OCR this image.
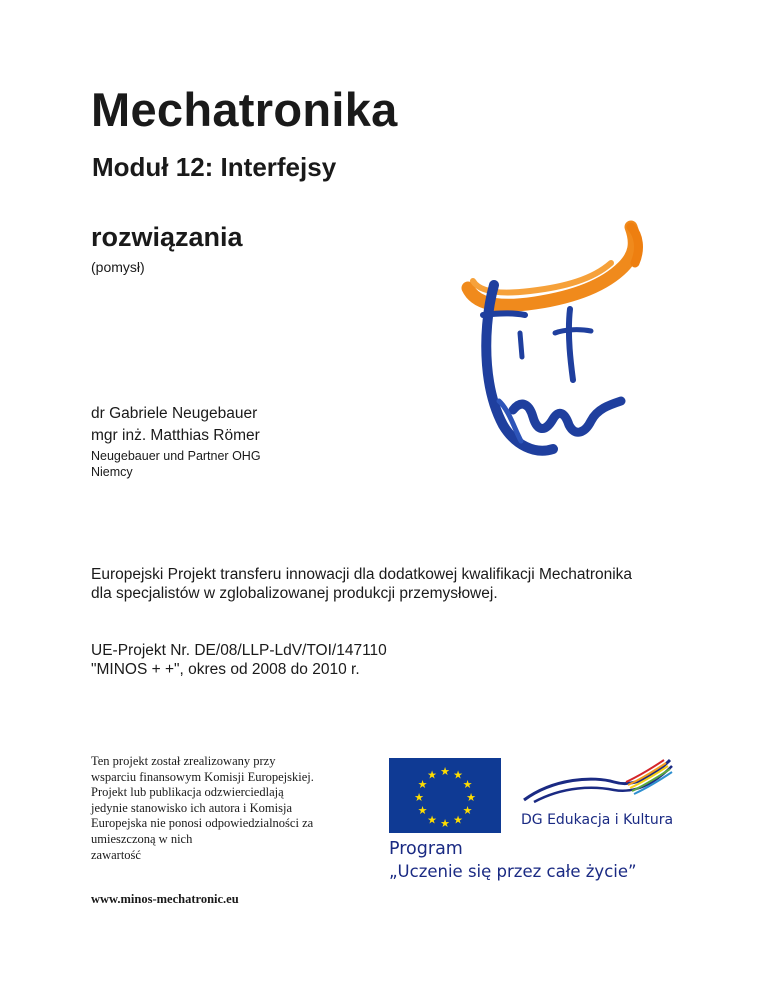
Mechatronika
Moduł 12: Interfejsy
rozwiązania
(pomysł)
dr Gabriele Neugebauer
mgr inż. Matthias Römer
Neugebauer und Partner OHG
Niemcy
Europejski Projekt transferu innowacji dla dodatkowej kwalifikacji Mechatronika dla specjalistów w zglobalizowanej produkcji przemysłowej.
UE-Projekt Nr. DE/08/LLP-LdV/TOI/147110
"MINOS + +", okres od 2008 do 2010 r.
Ten projekt został zrealizowany przy
wsparciu finansowym Komisji Europejskiej.
Projekt lub publikacja odzwierciedlają
jedynie stanowisko ich autora i Komisja
Europejska nie ponosi odpowiedzialności za
umieszczoną w nich
zawartość
www.minos-mechatronic.eu
★ ★
★
★
★
★
★
★
★
★
★
★
DG Edukacja i Kultura
Program
„Uczenie się przez całe życie”
